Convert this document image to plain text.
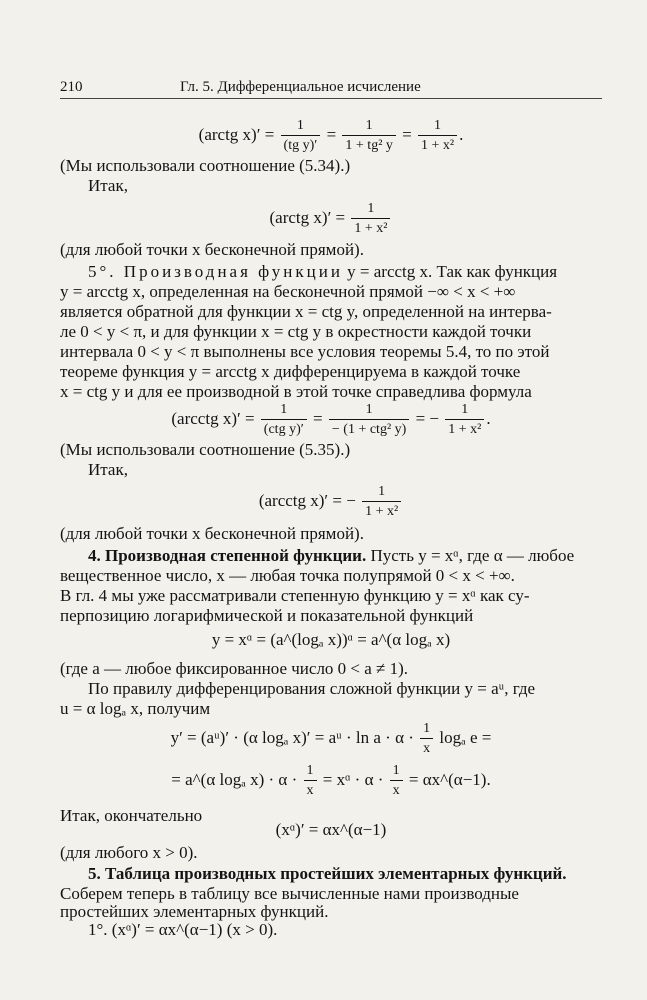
210	Гл. 5. Дифференциальное исчисление
(arctg $x)' = \frac{1}{\text{(tg y)′}} = \frac{1}{\text{1 + tg² y}} = \frac{1}{\text{1 + x²}}$ .
(Мы использовали соотношение (5.34).)
Итак,
(arctg $x)' = \frac{1}{\text{1 + x²}}$
(для любой точки x бесконечной прямой).
5°. Производная функции y = arcctg x. Так как функция
y = arcctg x, определенная на бесконечной прямой −∞ < x < +∞
является обратной для функции x = ctg y, определенной на интерва-
ле 0 < y < π, и для функции x = ctg y в окрестности каждой точки
интервала 0 < y < π выполнены все условия теоремы 5.4, то по этой
теореме функция y = arcctg x дифференцируема в каждой точке
x = ctg y и для ее производной в этой точке справедлива формула
(arcctg $x)' = \frac{1}{\text{(ctg y)′}} = \frac{1}{\text{− (1 + ctg² y)}}$ = − $\frac{1}{\text{1 + x²}}$ .
(Мы использовали соотношение (5.35).)
Итак,
(arcctg x)′ = − $\frac{1}{\text{1 + x²}}$
(для любой точки x бесконечной прямой).
4. Производная степенной функции. Пусть y = xᵅ, где α — любое
вещественное число, x — любая точка полупрямой 0 < x < +∞.
В гл. 4 мы уже рассматривали степенную функцию y = xᵅ как су-
перпозицию логарифмической и показательной функций
y = xᵅ = (a^(logₐ x))ᵅ = a^(α logₐ x)
(где a — любое фиксированное число 0 < a ≠ 1).
По правилу дифференцирования сложной функции y = aᵘ, где
u = α logₐ x, получим
y′ = (aᵘ)′ · (α logₐ x)′ = aᵘ · $\ln a \cdot \alpha \cdot \frac{1}{x}$ logₐ e =
= a^(α logₐ $x) \cdot \alpha \cdot \frac{1}{x}$ = xᵅ · $\alpha \cdot \frac{1}{x}$ = αx^(α−1).
Итак, окончательно
(xᵅ)′ = αx^(α−1)
(для любого x > 0).
5. Таблица производных простейших элементарных функций.
Соберем теперь в таблицу все вычисленные нами производные
простейших элементарных функций.
1°. (xᵅ)′ = αx^(α−1) (x > 0).
